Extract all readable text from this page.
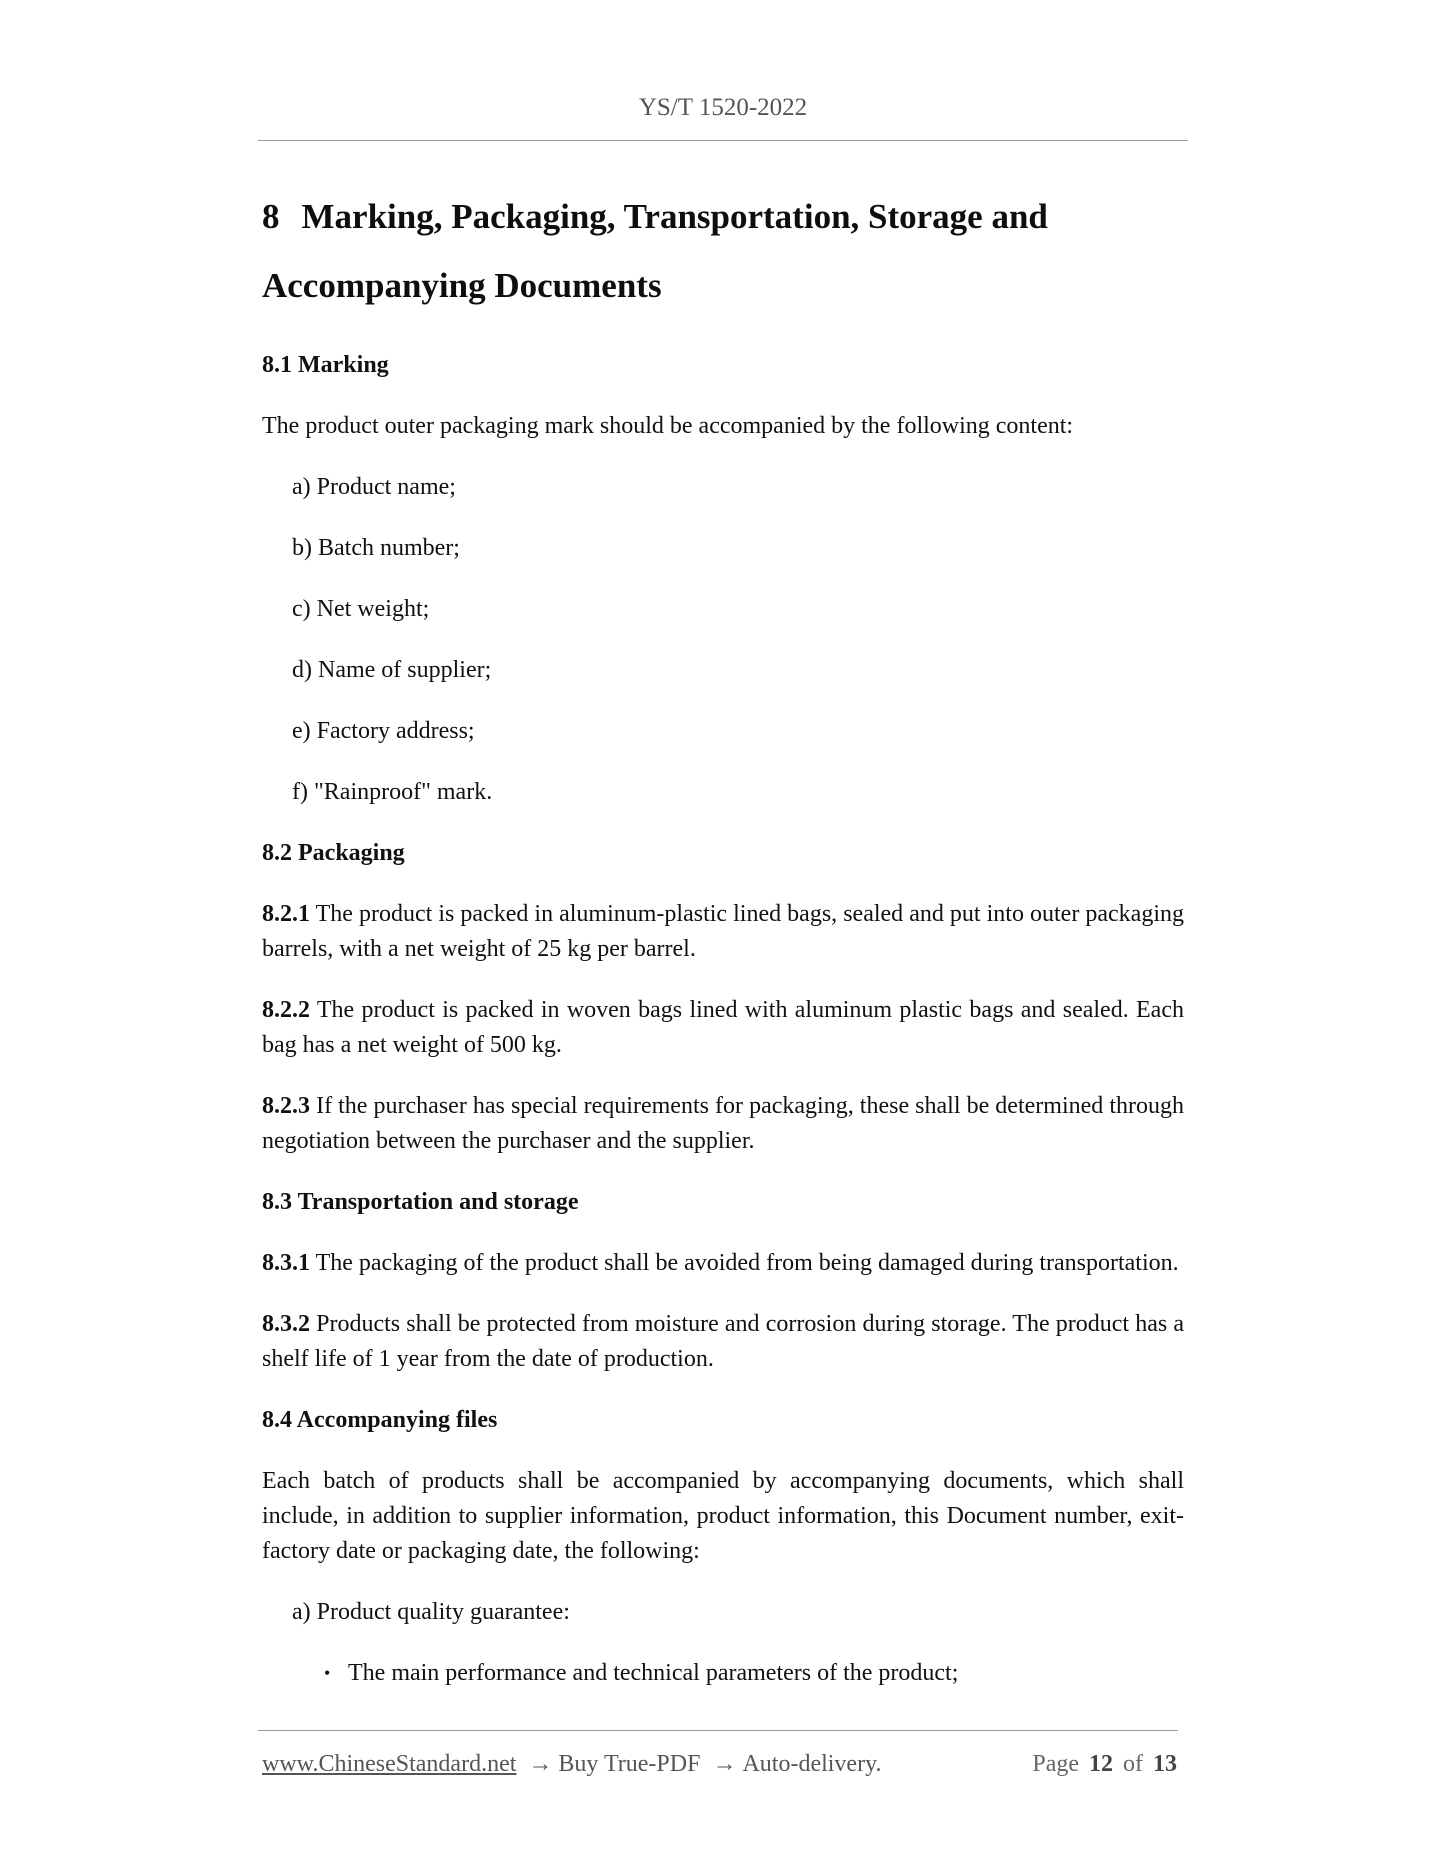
YS/T 1520-2022
8 Marking, Packaging, Transportation, Storage and
Accompanying Documents

8.1 Marking

The product outer packaging mark should be accompanied by the following content:

a) Product name;

b) Batch number;

c) Net weight;

d) Name of supplier;

e) Factory address;

f) "Rainproof" mark.

8.2 Packaging

8.2.1 The product is packed in aluminum-plastic lined bags, sealed and put into outer packaging barrels, with a net weight of 25 kg per barrel.

8.2.2 The product is packed in woven bags lined with aluminum plastic bags and sealed. Each bag has a net weight of 500 kg.

8.2.3 If the purchaser has special requirements for packaging, these shall be determined through negotiation between the purchaser and the supplier.

8.3 Transportation and storage

8.3.1 The packaging of the product shall be avoided from being damaged during transportation.

8.3.2 Products shall be protected from moisture and corrosion during storage. The product has a shelf life of 1 year from the date of production.

8.4 Accompanying files

Each batch of products shall be accompanied by accompanying documents, which shall include, in addition to supplier information, product information, this Document number, exit-factory date or packaging date, the following:

a) Product quality guarantee:

• The main performance and technical parameters of the product;

www.ChineseStandard.net → Buy True-PDF → Auto-delivery.	Page 12 of 13
